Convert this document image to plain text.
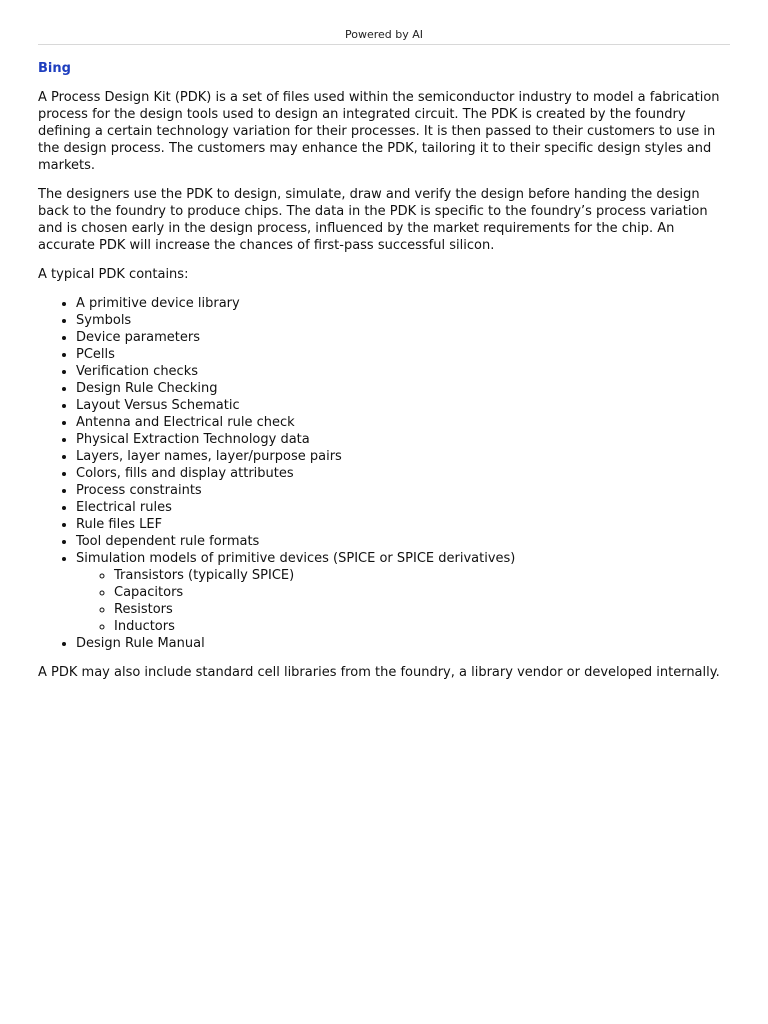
Powered by AI
Bing

A Process Design Kit (PDK) is a set of files used within the semiconductor industry to model a fabrication process for the design tools used to design an integrated circuit. The PDK is created by the foundry defining a certain technology variation for their processes. It is then passed to their customers to use in the design process. The customers may enhance the PDK, tailoring it to their specific design styles and markets.

The designers use the PDK to design, simulate, draw and verify the design before handing the design back to the foundry to produce chips. The data in the PDK is specific to the foundry’s process variation and is chosen early in the design process, influenced by the market requirements for the chip. An accurate PDK will increase the chances of first-pass successful silicon.

A typical PDK contains:

• A primitive device library
• Symbols
• Device parameters
• PCells
• Verification checks
• Design Rule Checking
• Layout Versus Schematic
• Antenna and Electrical rule check
• Physical Extraction Technology data
• Layers, layer names, layer/purpose pairs
• Colors, fills and display attributes
• Process constraints
• Electrical rules
• Rule files LEF
• Tool dependent rule formats
• Simulation models of primitive devices (SPICE or SPICE derivatives)
◦ Transistors (typically SPICE)
◦ Capacitors
◦ Resistors
◦ Inductors
• Design Rule Manual

A PDK may also include standard cell libraries from the foundry, a library vendor or developed internally.
